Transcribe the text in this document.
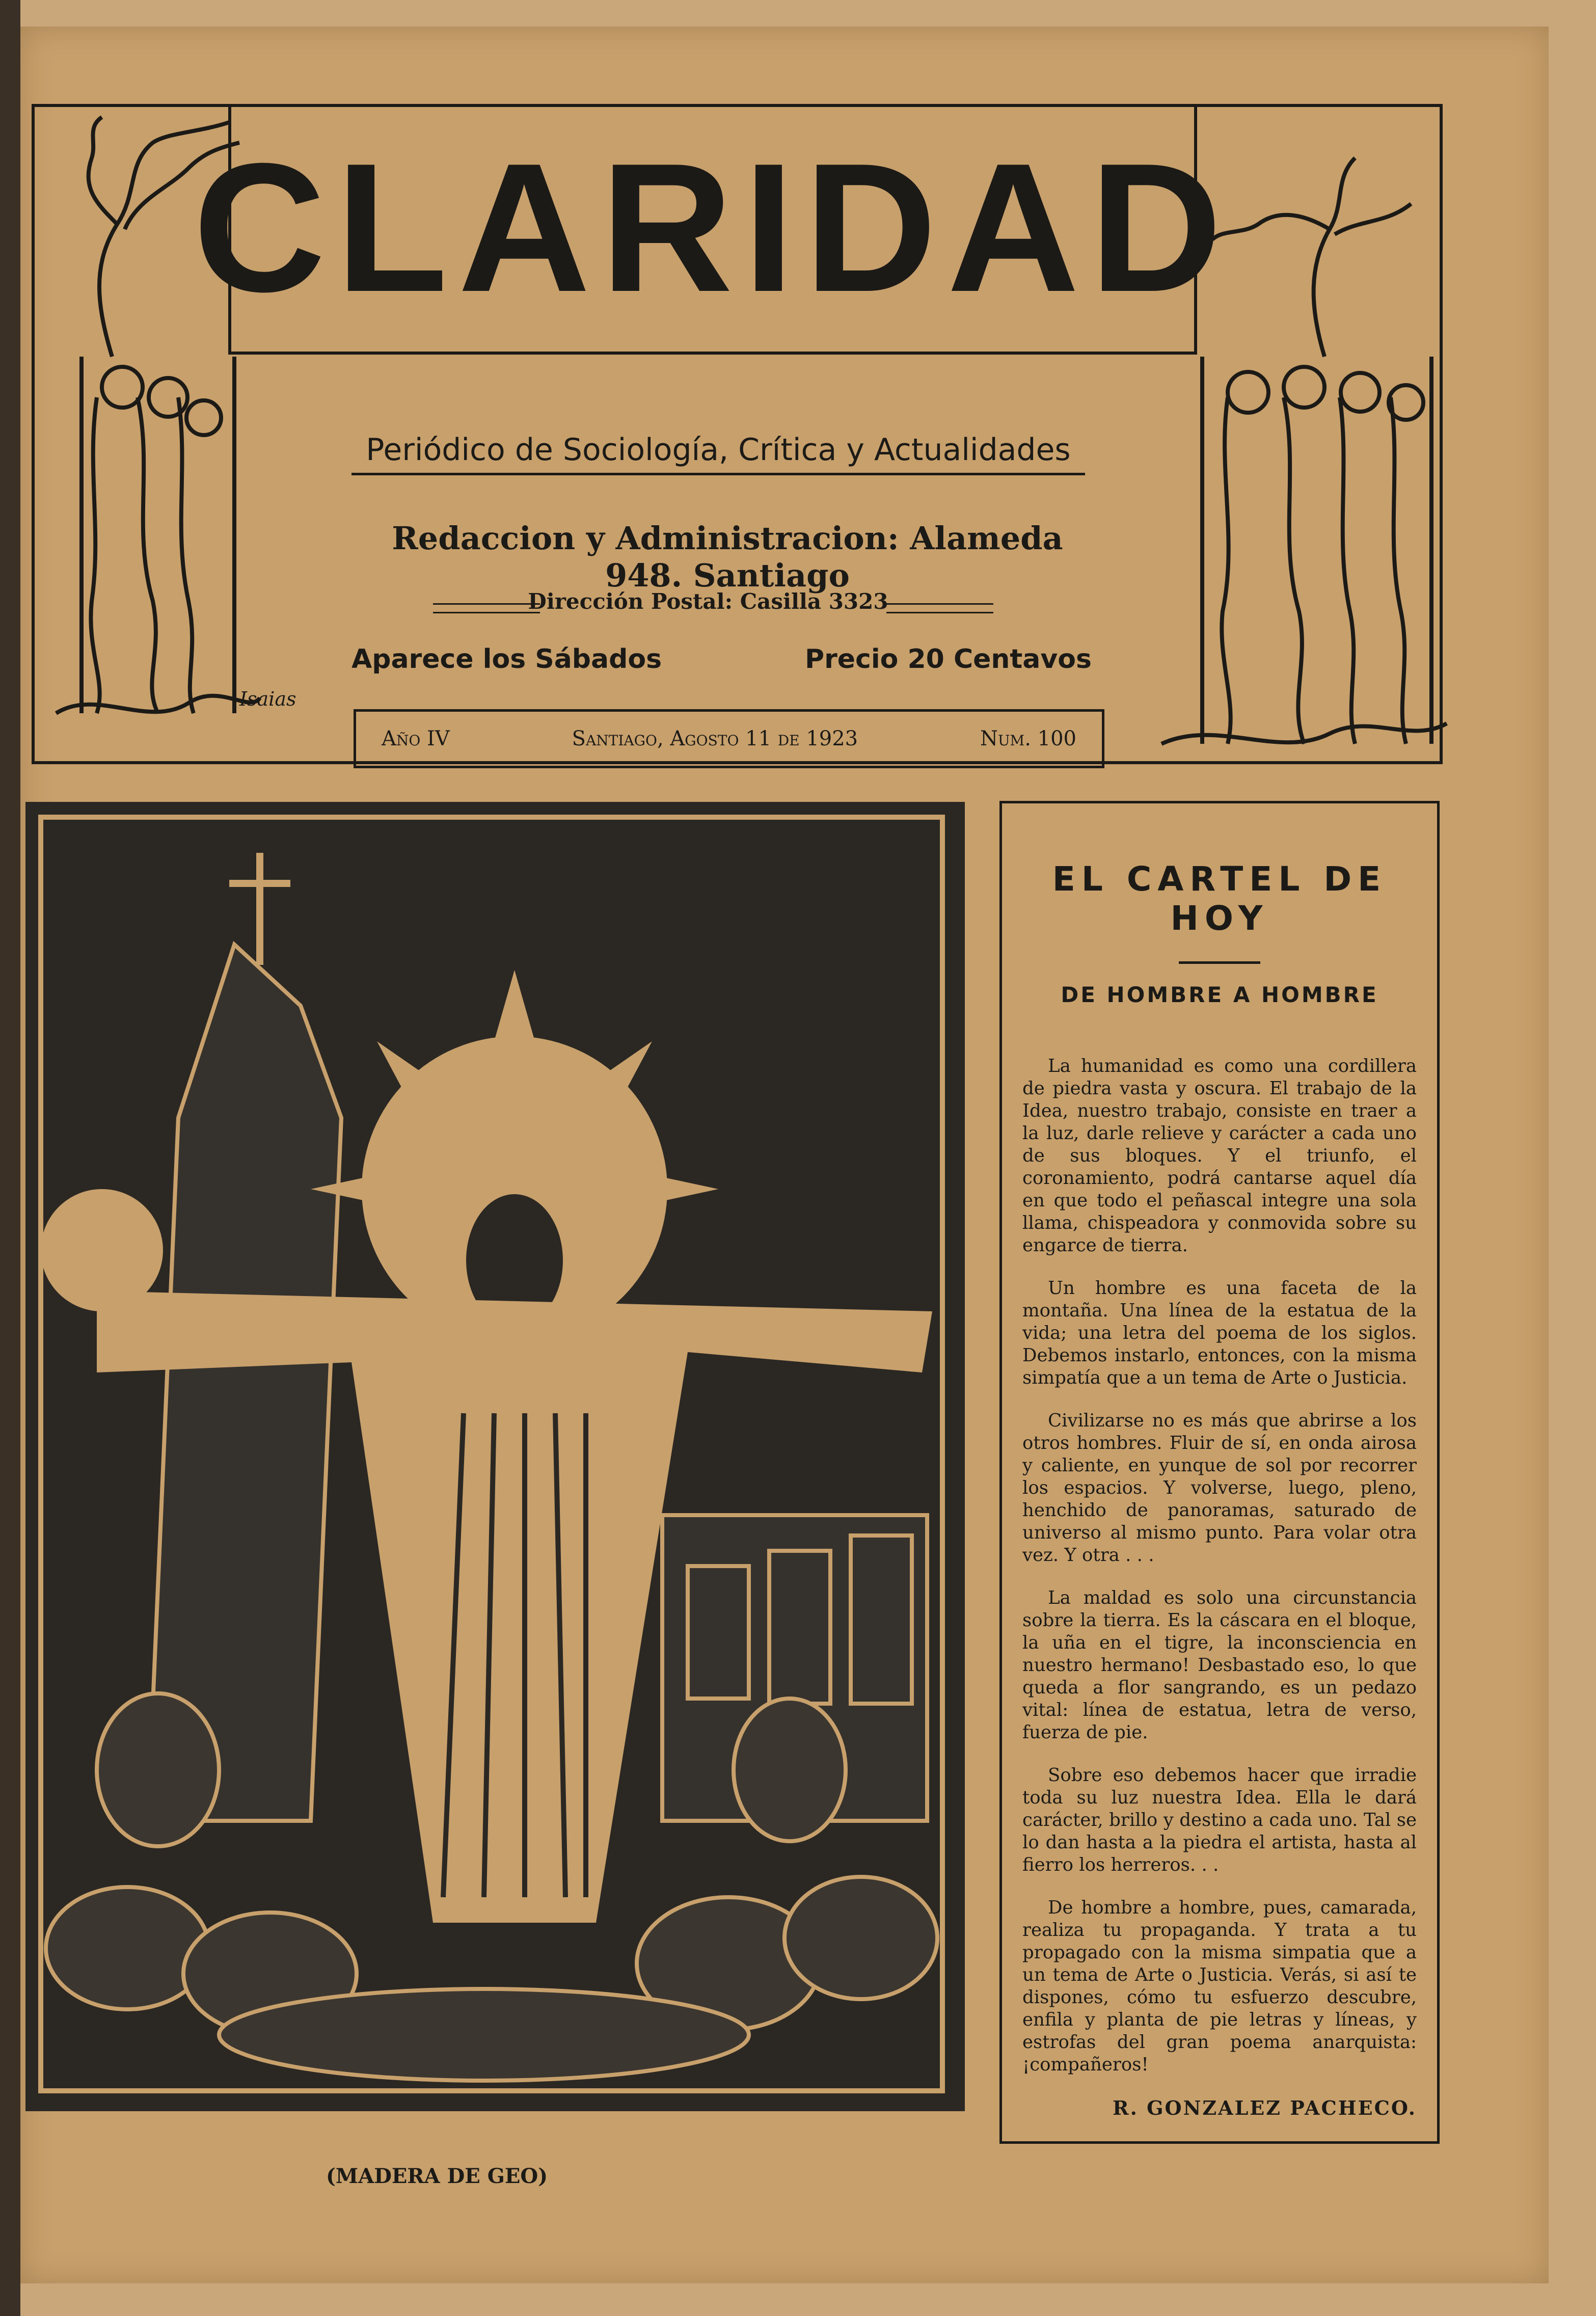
CLARIDAD
Isaias
Periódico de Sociología, Crítica y Actualidades
Redaccion y Administracion: Alameda 948. Santiago
Dirección Postal: Casilla 3323
Aparece los Sábados	Precio 20 Centavos
Año IV	Santiago, Agosto 11 de 1923	Num. 100
(MADERA DE GEO)
EL CARTEL DE HOY
DE HOMBRE A HOMBRE

La humanidad es como una cordillera de piedra vasta y oscura. El trabajo de la Idea, nuestro trabajo, consiste en traer a la luz, darle relieve y carácter a cada uno de sus bloques. Y el triunfo, el coronamiento, podrá cantarse aquel día en que todo el peñascal integre una sola llama, chispeadora y conmovida sobre su engarce de tierra.

Un hombre es una faceta de la montaña. Una línea de la estatua de la vida; una letra del poema de los siglos. Debemos instarlo, entonces, con la misma simpatía que a un tema de Arte o Justicia.

Civilizarse no es más que abrirse a los otros hombres. Fluir de sí, en onda airosa y caliente, en yunque de sol por recorrer los espacios. Y volverse, luego, pleno, henchido de panoramas, saturado de universo al mismo punto. Para volar otra vez. Y otra . . .

La maldad es solo una circunstancia sobre la tierra. Es la cáscara en el bloque, la uña en el tigre, la inconsciencia en nuestro hermano! Desbastado eso, lo que queda a flor sangrando, es un pedazo vital: línea de estatua, letra de verso, fuerza de pie.

Sobre eso debemos hacer que irradie toda su luz nuestra Idea. Ella le dará carácter, brillo y destino a cada uno. Tal se lo dan hasta a la piedra el artista, hasta al fierro los herreros. . .

De hombre a hombre, pues, camarada, realiza tu propaganda. Y trata a tu propagado con la misma simpatia que a un tema de Arte o Justicia. Verás, si así te dispones, cómo tu esfuerzo descubre, enfila y planta de pie letras y líneas, y estrofas del gran poema anarquista: ¡compañeros!

R. GONZALEZ PACHECO.
